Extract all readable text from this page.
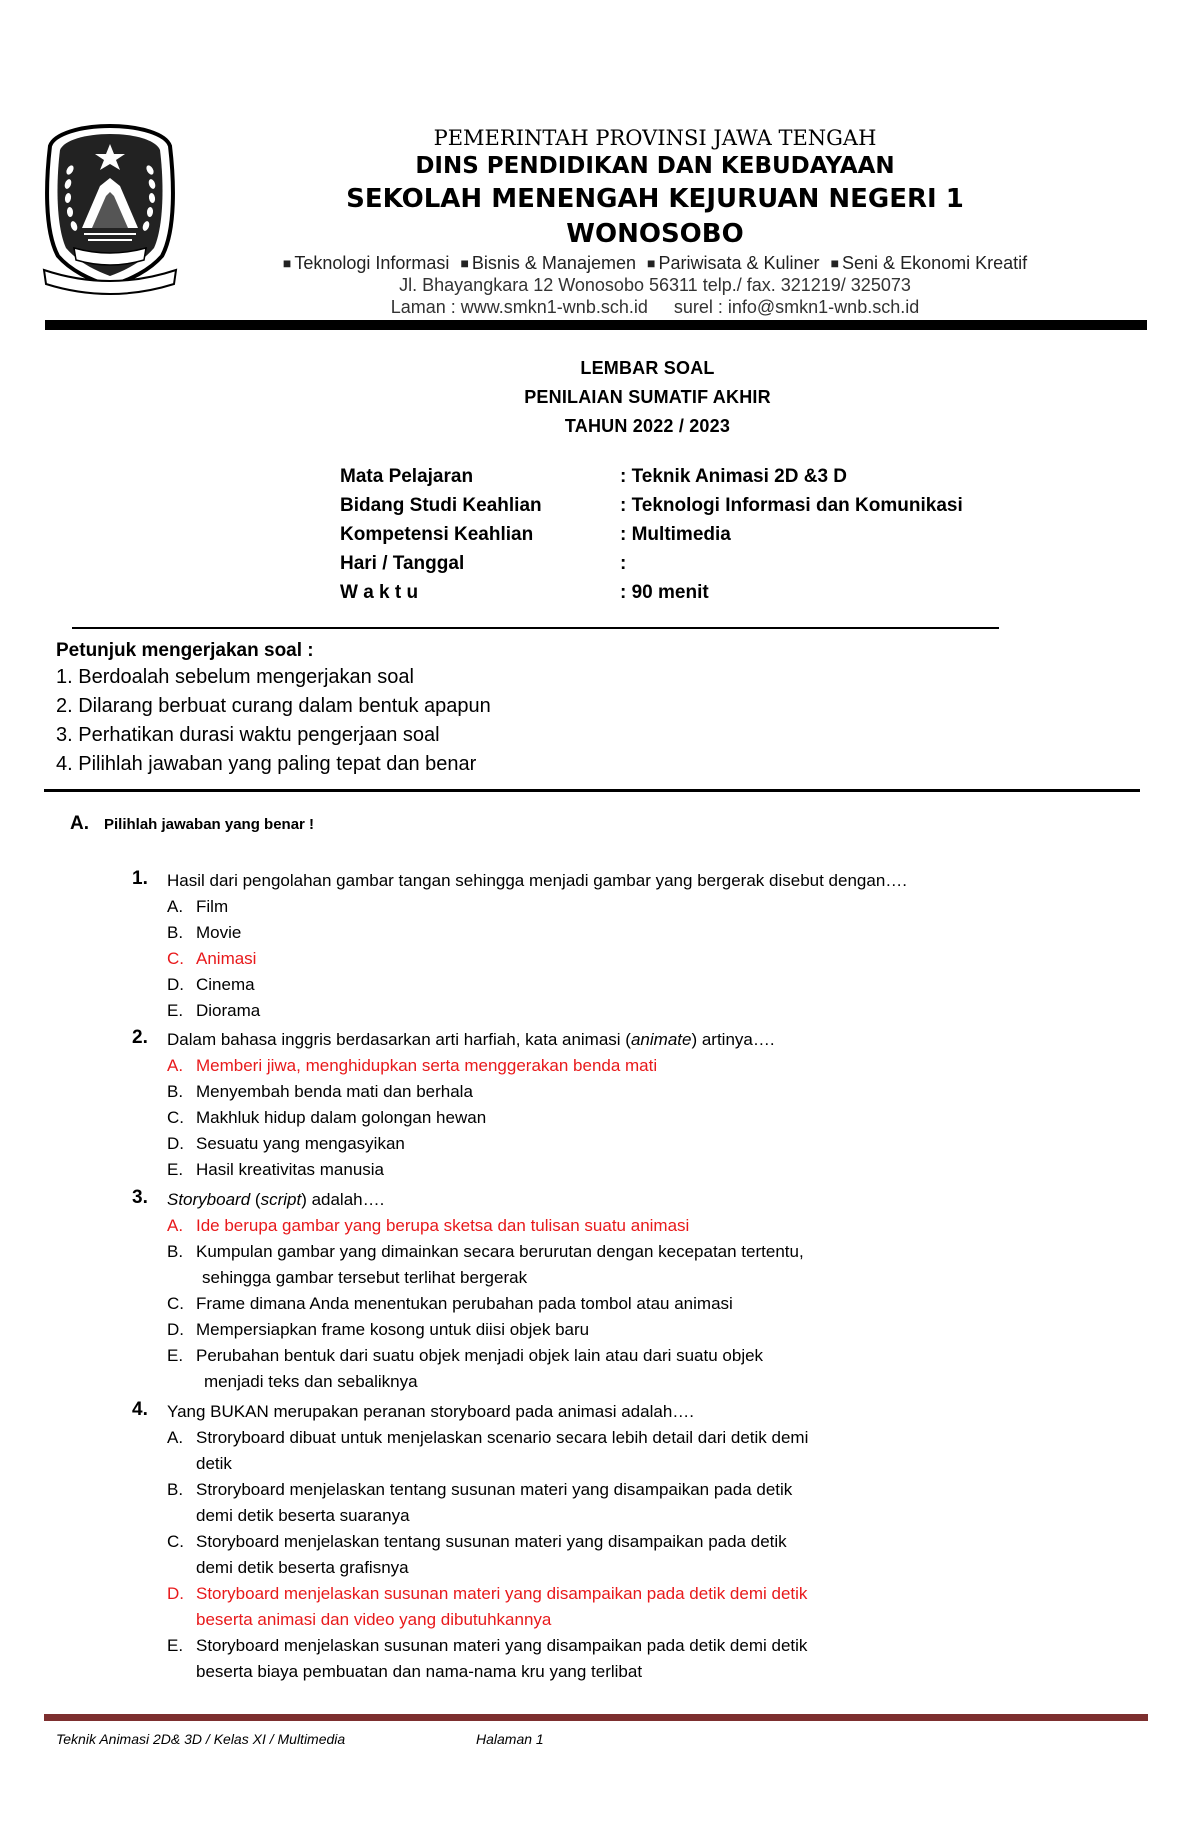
PEMERINTAH PROVINSI JAWA TENGAH
DINS PENDIDIKAN DAN KEBUDAYAAN
SEKOLAH MENENGAH KEJURUAN NEGERI 1
WONOSOBO
■ Teknologi Informasi ■ Bisnis & Manajemen ■ Pariwisata & Kuliner ■ Seni & Ekonomi Kreatif
Jl. Bhayangkara 12 Wonosobo 56311 telp./ fax. 321219/ 325073
Laman : www.smkn1-wnb.sch.id surel : info@smkn1-wnb.sch.id
LEMBAR SOAL
PENILAIAN SUMATIF AKHIR
TAHUN 2022 / 2023
Mata Pelajaran	: Teknik Animasi 2D &3 D
Bidang Studi Keahlian	: Teknologi Informasi dan Komunikasi
Kompetensi Keahlian	: Multimedia
Hari / Tanggal	:
W a k t u	: 90 menit
Petunjuk mengerjakan soal :
1. Berdoalah sebelum mengerjakan soal
2. Dilarang berbuat curang dalam bentuk apapun
3. Perhatikan durasi waktu pengerjaan soal
4. Pilihlah jawaban yang paling tepat dan benar
A. Pilihlah jawaban yang benar !
1. Hasil dari pengolahan gambar tangan sehingga menjadi gambar yang bergerak disebut dengan….
A. Film
B. Movie
C. Animasi
D. Cinema
E. Diorama
2. Dalam bahasa inggris berdasarkan arti harfiah, kata animasi (animate) artinya….
A. Memberi jiwa, menghidupkan serta menggerakan benda mati
B. Menyembah benda mati dan berhala
C. Makhluk hidup dalam golongan hewan
D. Sesuatu yang mengasyikan
E. Hasil kreativitas manusia
3. Storyboard (script) adalah….
A. Ide berupa gambar yang berupa sketsa dan tulisan suatu animasi
B. Kumpulan gambar yang dimainkan secara berurutan dengan kecepatan tertentu,
sehingga gambar tersebut terlihat bergerak
C. Frame dimana Anda menentukan perubahan pada tombol atau animasi
D. Mempersiapkan frame kosong untuk diisi objek baru
E. Perubahan bentuk dari suatu objek menjadi objek lain atau dari suatu objek
menjadi teks dan sebaliknya
4. Yang BUKAN merupakan peranan storyboard pada animasi adalah….
A. Stroryboard dibuat untuk menjelaskan scenario secara lebih detail dari detik demi
detik
B. Stroryboard menjelaskan tentang susunan materi yang disampaikan pada detik
demi detik beserta suaranya
C. Storyboard menjelaskan tentang susunan materi yang disampaikan pada detik
demi detik beserta grafisnya
D. Storyboard menjelaskan susunan materi yang disampaikan pada detik demi detik
beserta animasi dan video yang dibutuhkannya
E. Storyboard menjelaskan susunan materi yang disampaikan pada detik demi detik
beserta biaya pembuatan dan nama-nama kru yang terlibat
Teknik Animasi 2D& 3D / Kelas XI / Multimedia	Halaman 1
